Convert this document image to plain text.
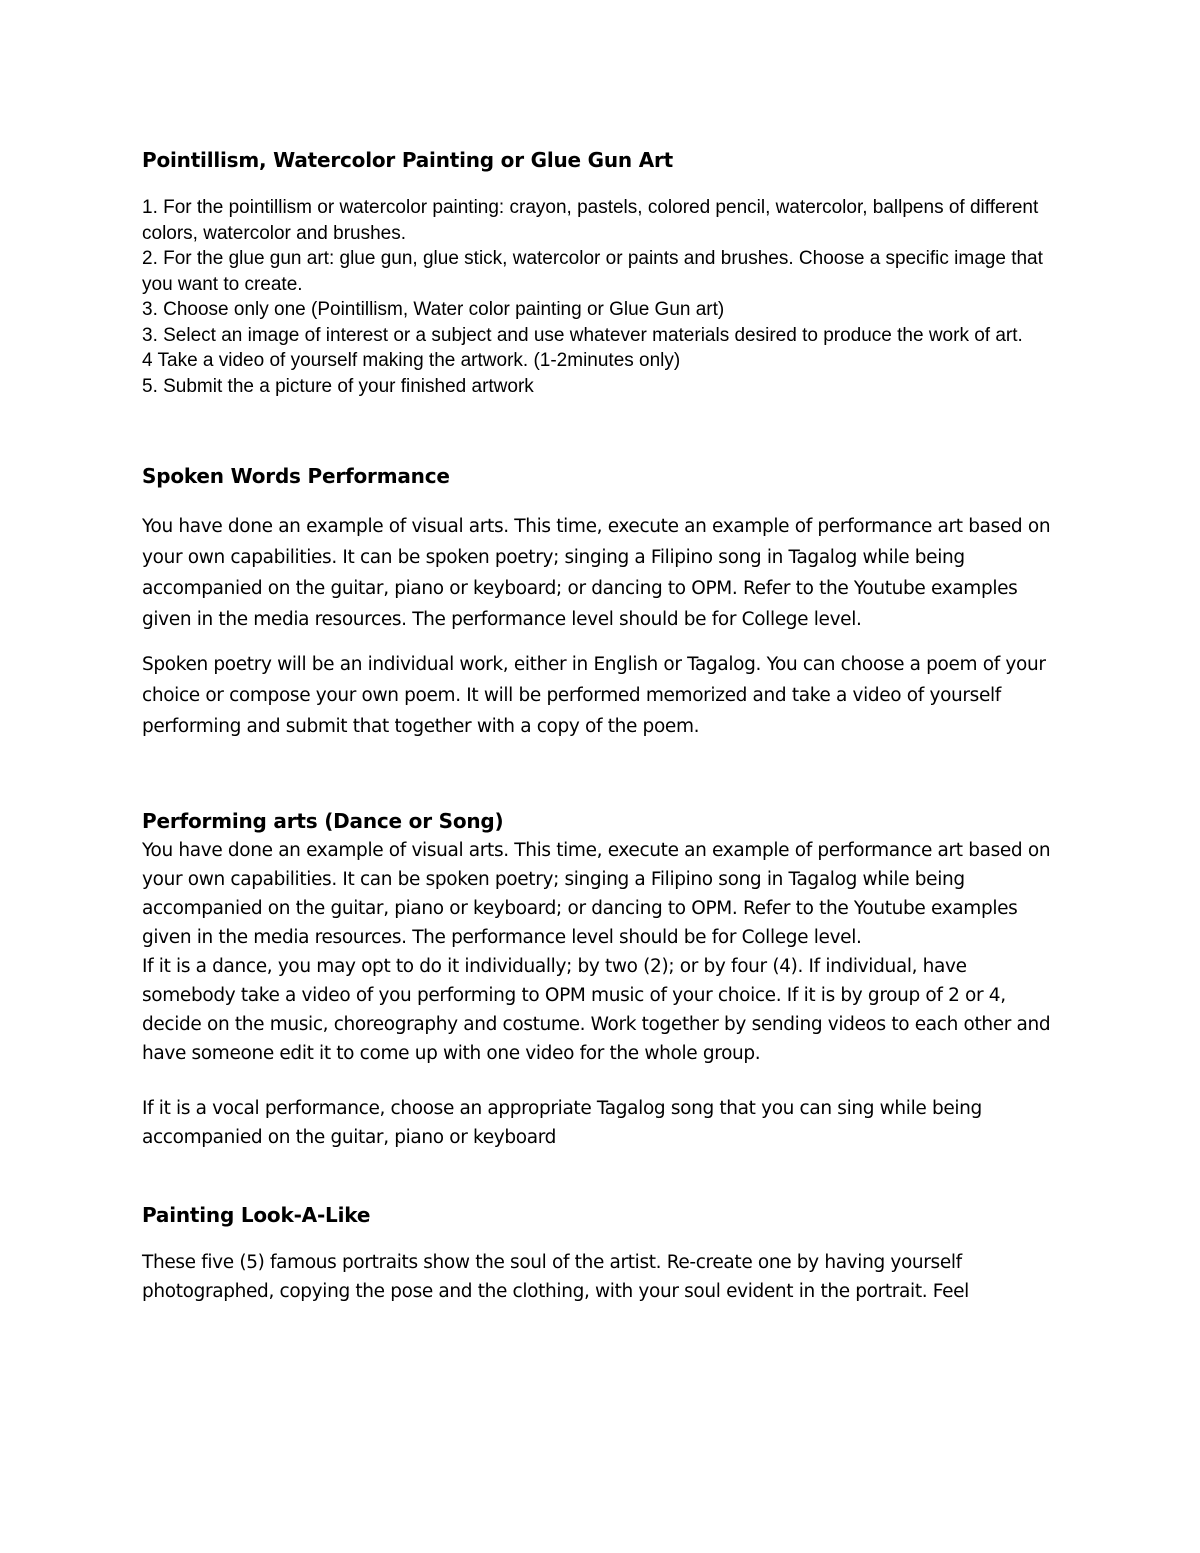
Pointillism, Watercolor Painting or Glue Gun Art
1. For the pointillism or watercolor painting: crayon, pastels, colored pencil, watercolor, ballpens of different colors, watercolor and brushes.
2. For the glue gun art: glue gun, glue stick, watercolor or paints and brushes. Choose a specific image that you want to create.
3. Choose only one (Pointillism, Water color painting or Glue Gun art)
3. Select an image of interest or a subject and use whatever materials desired to produce the work of art.
4 Take a video of yourself making the artwork. (1-2minutes only)
5. Submit the a picture of your finished artwork
Spoken Words Performance

You have done an example of visual arts. This time, execute an example of performance art based on your own capabilities. It can be spoken poetry; singing a Filipino song in Tagalog while being accompanied on the guitar, piano or keyboard; or dancing to OPM. Refer to the Youtube examples given in the media resources. The performance level should be for College level.

Spoken poetry will be an individual work, either in English or Tagalog. You can choose a poem of your choice or compose your own poem. It will be performed memorized and take a video of yourself performing and submit that together with a copy of the poem.

Performing arts (Dance or Song)

You have done an example of visual arts. This time, execute an example of performance art based on your own capabilities. It can be spoken poetry; singing a Filipino song in Tagalog while being accompanied on the guitar, piano or keyboard; or dancing to OPM. Refer to the Youtube examples given in the media resources. The performance level should be for College level.

If it is a dance, you may opt to do it individually; by two (2); or by four (4). If individual, have somebody take a video of you performing to OPM music of your choice. If it is by group of 2 or 4, decide on the music, choreography and costume. Work together by sending videos to each other and have someone edit it to come up with one video for the whole group.

If it is a vocal performance, choose an appropriate Tagalog song that you can sing while being accompanied on the guitar, piano or keyboard

Painting Look-A-Like

These five (5) famous portraits show the soul of the artist. Re-create one by having yourself photographed, copying the pose and the clothing, with your soul evident in the portrait. Feel
